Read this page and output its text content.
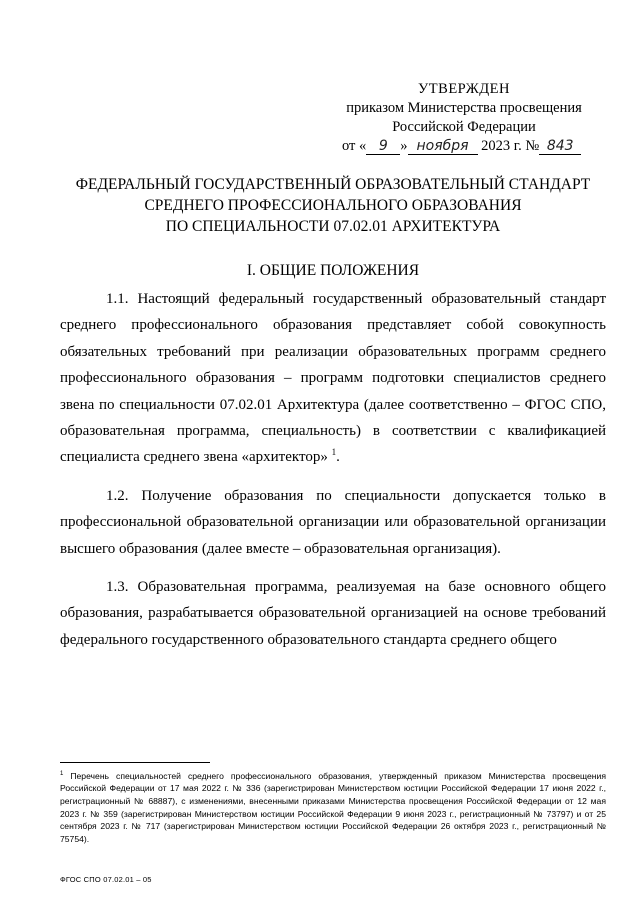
УТВЕРЖДЕН
приказом Министерства просвещения
Российской Федерации
от « 9 » ноября 2023 г. № 843
ФЕДЕРАЛЬНЫЙ ГОСУДАРСТВЕННЫЙ ОБРАЗОВАТЕЛЬНЫЙ СТАНДАРТ
СРЕДНЕГО ПРОФЕССИОНАЛЬНОГО ОБРАЗОВАНИЯ
ПО СПЕЦИАЛЬНОСТИ 07.02.01 АРХИТЕКТУРА
I. ОБЩИЕ ПОЛОЖЕНИЯ

1.1. Настоящий федеральный государственный образовательный стандарт среднего профессионального образования представляет собой совокупность обязательных требований при реализации образовательных программ среднего профессионального образования – программ подготовки специалистов среднего звена по специальности 07.02.01 Архитектура (далее соответственно – ФГОС СПО, образовательная программа, специальность) в соответствии с квалификацией специалиста среднего звена «архитектор» $^1$.

1.2. Получение образования по специальности допускается только в профессиональной образовательной организации или образовательной организации высшего образования (далее вместе – образовательная организация).

1.3. Образовательная программа, реализуемая на базе основного общего образования, разрабатывается образовательной организацией на основе требований федерального государственного образовательного стандарта среднего общего

$^1$ Перечень специальностей среднего профессионального образования, утвержденный приказом Министерства просвещения Российской Федерации от 17 мая 2022 г. № 336 (зарегистрирован Министерством юстиции Российской Федерации 17 июня 2022 г., регистрационный № 68887), с изменениями, внесенными приказами Министерства просвещения Российской Федерации от 12 мая 2023 г. № 359 (зарегистрирован Министерством юстиции Российской Федерации 9 июня 2023 г., регистрационный № 73797) и от 25 сентября 2023 г. № 717 (зарегистрирован Министерством юстиции Российской Федерации 26 октября 2023 г., регистрационный № 75754).
ФГОС СПО 07.02.01 – 05
